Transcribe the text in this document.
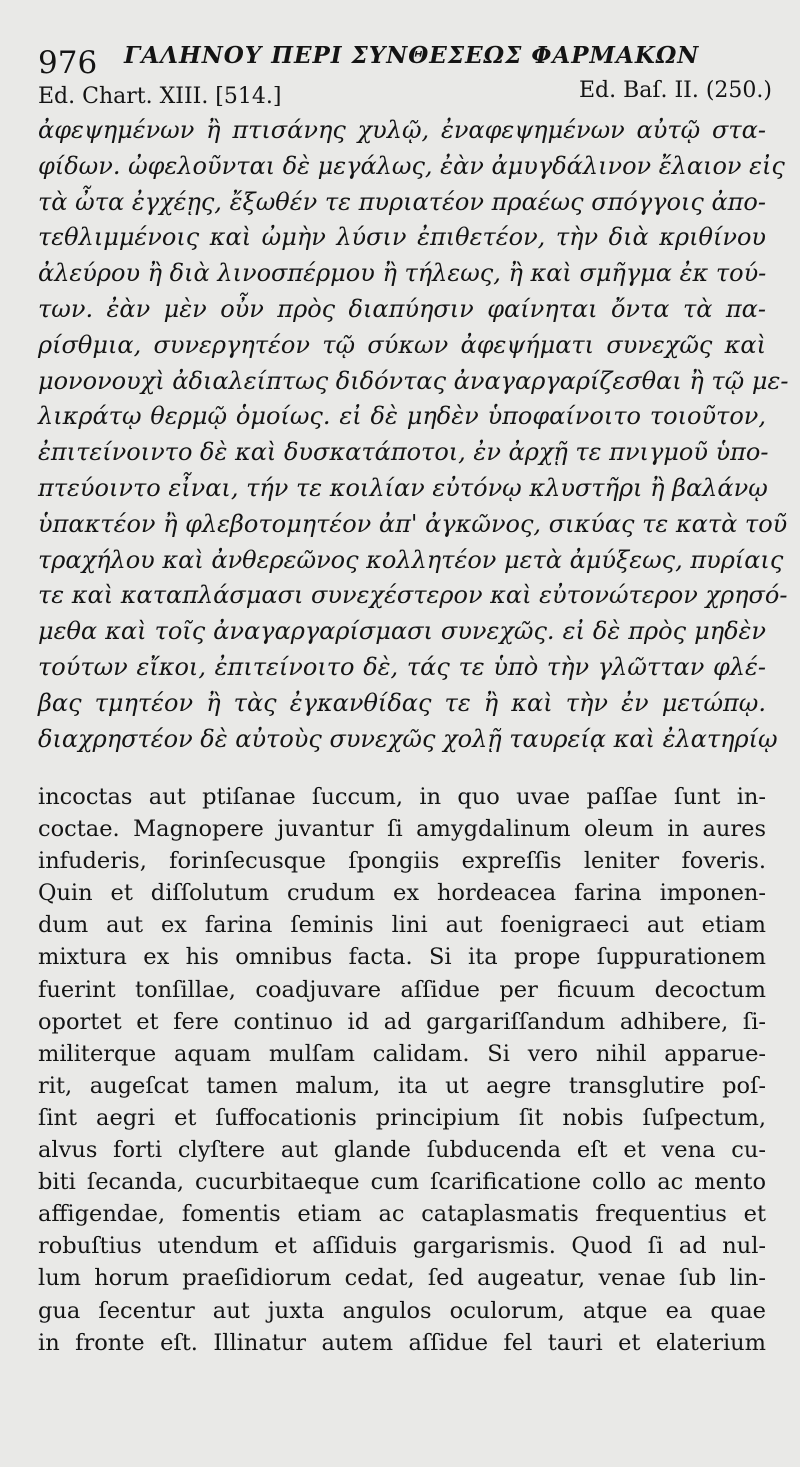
976 ΓΑΛΗΝΟΥ ΠΕΡΙ ΣΥΝΘΕΣΕΩΣ ΦΑΡΜΑΚΩΝ
Ed. Chart. XIII. [514.]	Ed. Baſ. II. (250.)
ἀφεψημένων ἢ πτισάνης χυλῷ, ἐναφεψημένων αὐτῷ στα-
φίδων. ὠφελοῦνται δὲ μεγάλως, ἐὰν ἀμυγδάλινον ἔλαιον εἰς
τὰ ὦτα ἐγχέῃς, ἔξωθέν τε πυριατέον πραέως σπόγγοις ἀπο-
τεθλιμμένοις καὶ ὠμὴν λύσιν ἐπιθετέον, τὴν διὰ κριθίνου
ἀλεύρου ἢ διὰ λινοσπέρμου ἢ τήλεως, ἢ καὶ σμῆγμα ἐκ τού-
των. ἐὰν μὲν οὖν πρὸς διαπύησιν φαίνηται ὄντα τὰ πα-
ρίσθμια, συνεργητέον τῷ σύκων ἀφεψήματι συνεχῶς καὶ
μονονουχὶ ἀδιαλείπτως διδόντας ἀναγαργαρίζεσθαι ἢ τῷ με-
λικράτῳ θερμῷ ὁμοίως. εἰ δὲ μηδὲν ὑποφαίνοιτο τοιοῦτον,
ἐπιτείνοιντο δὲ καὶ δυσκατάποτοι, ἐν ἀρχῇ τε πνιγμοῦ ὑπο-
πτεύοιντο εἶναι, τήν τε κοιλίαν εὐτόνῳ κλυστῆρι ἢ βαλάνῳ
ὑπακτέον ἢ φλεβοτομητέον ἀπ' ἀγκῶνος, σικύας τε κατὰ τοῦ
τραχήλου καὶ ἀνθερεῶνος κολλητέον μετὰ ἀμύξεως, πυρίαις
τε καὶ καταπλάσμασι συνεχέστερον καὶ εὐτονώτερον χρησό-
μεθα καὶ τοῖς ἀναγαργαρίσμασι συνεχῶς. εἰ δὲ πρὸς μηδὲν
τούτων εἴκοι, ἐπιτείνοιτο δὲ, τάς τε ὑπὸ τὴν γλῶτταν φλέ-
βας τμητέον ἢ τὰς ἐγκανθίδας τε ἢ καὶ τὴν ἐν μετώπῳ.
διαχρηστέον δὲ αὐτοὺς συνεχῶς χολῇ ταυρείᾳ καὶ ἐλατηρίῳ
incoctas aut ptiſanae ſuccum, in quo uvae paſſae ſunt in-
coctae. Magnopere juvantur ſi amygdalinum oleum in aures
infuderis, forinſecusque ſpongiis expreſſis leniter foveris.
Quin et diſſolutum crudum ex hordeacea farina imponen-
dum aut ex farina ſeminis lini aut foenigraeci aut etiam
mixtura ex his omnibus facta. Si ita prope ſuppurationem
fuerint tonſillae, coadjuvare aſſidue per ficuum decoctum
oportet et fere continuo id ad gargariſſandum adhibere, ſi-
militerque aquam mulſam calidam. Si vero nihil apparue-
rit, augeſcat tamen malum, ita ut aegre transglutire poſ-
ſint aegri et ſuffocationis principium ſit nobis ſuſpectum,
alvus forti clyſtere aut glande ſubducenda eſt et vena cu-
biti ſecanda, cucurbitaeque cum ſcarificatione collo ac mento
affigendae, fomentis etiam ac cataplasmatis frequentius et
robuſtius utendum et aſſiduis gargarismis. Quod ſi ad nul-
lum horum praeſidiorum cedat, ſed augeatur, venae ſub lin-
gua ſecentur aut juxta angulos oculorum, atque ea quae
in fronte eſt. Illinatur autem aſſidue fel tauri et elaterium
